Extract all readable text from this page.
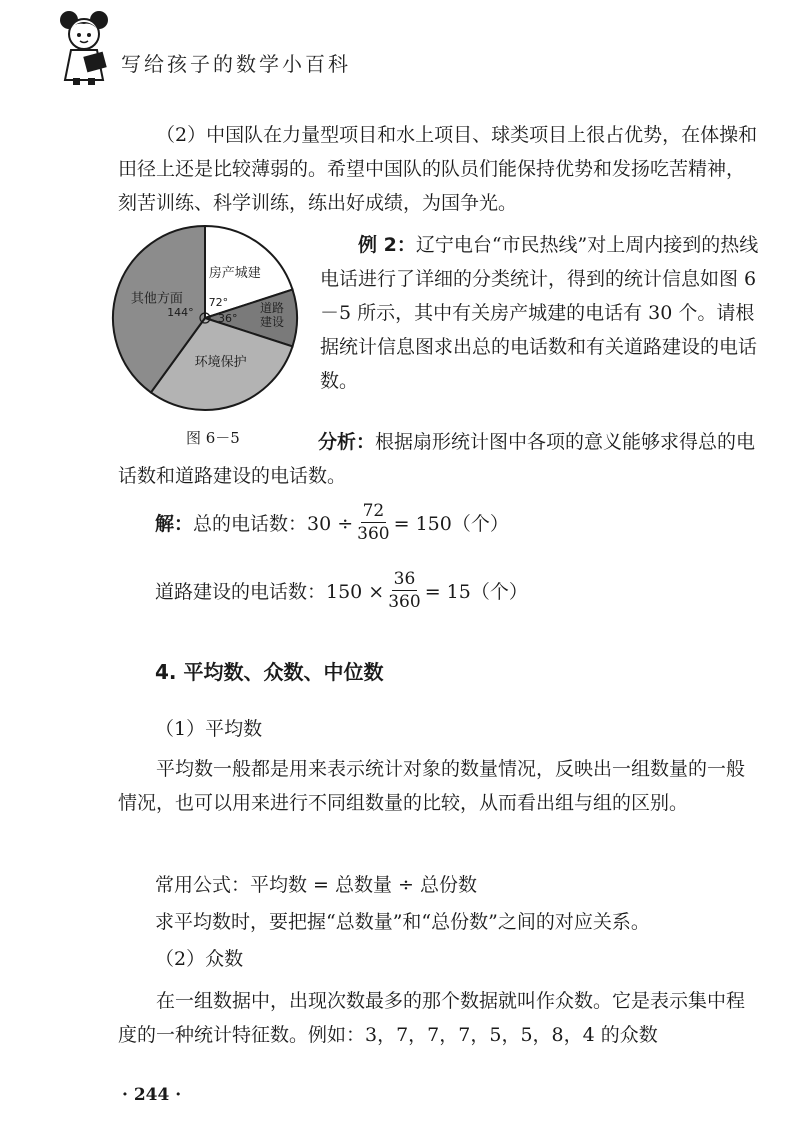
写给孩子的数学小百科

（2）中国队在力量型项目和水上项目、球类项目上很占优势，在体操和田径上还是比较薄弱的。希望中国队的队员们能保持优势和发扬吃苦精神，刻苦训练、科学训练，练出好成绩，为国争光。

房产城建
72°	道路建设
36°
环境保护
其他方面
144°
图 6－5

例 2：辽宁电台“市民热线”对上周内接到的热线电话进行了详细的分类统计，得到的统计信息如图 6－5 所示，其中有关房产城建的电话有 30 个。请根据统计信息图求出总的电话数和有关道路建设的电话数。

分析：根据扇形统计图中各项的意义能够求得总的电话数和道路建设的电话数。

解： 总的电话数：$30 \div \frac{72}{360} = 150$（个）
道路建设的电话数：$150 \times \frac{36}{360} = 15$（个）
4. 平均数、众数、中位数
（1）平均数

平均数一般都是用来表示统计对象的数量情况，反映出一组数量的一般情况，也可以用来进行不同组数量的比较，从而看出组与组的区别。

常用公式：平均数 = 总数量 ÷ 总份数
求平均数时，要把握“总数量”和“总份数”之间的对应关系。
（2）众数

在一组数据中，出现次数最多的那个数据就叫作众数。它是表示集中程度的一种统计特征数。例如：3，7，7，7，5，5，8，4 的众数

· 244 ·
